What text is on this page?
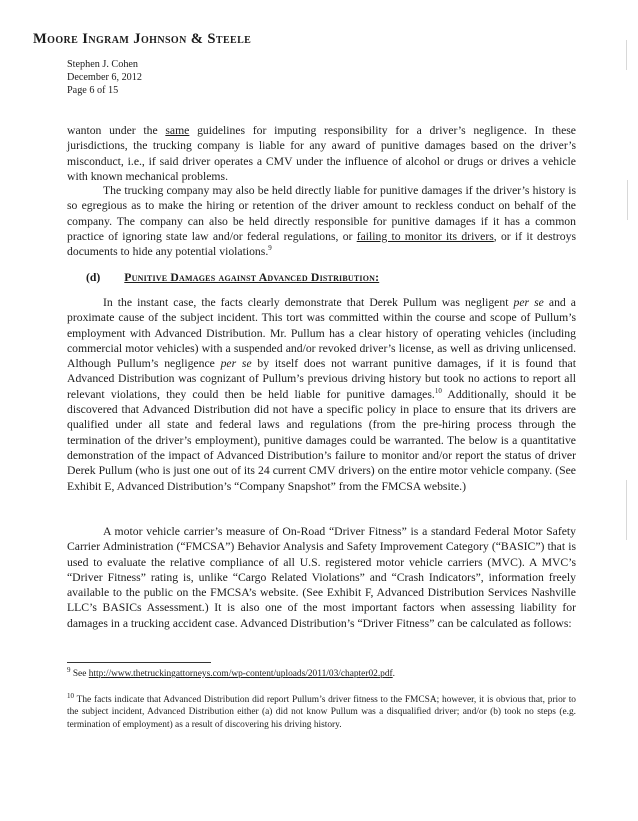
Moore Ingram Johnson & Steele
Stephen J. Cohen
December 6, 2012
Page 6 of 15

wanton under the same guidelines for imputing responsibility for a driver’s negligence. In these jurisdictions, the trucking company is liable for any award of punitive damages based on the driver’s misconduct, i.e., if said driver operates a CMV under the influence of alcohol or drugs or drives a vehicle with known mechanical problems.

The trucking company may also be held directly liable for punitive damages if the driver’s history is so egregious as to make the hiring or retention of the driver amount to reckless conduct on behalf of the company. The company can also be held directly responsible for punitive damages if it has a common practice of ignoring state law and/or federal regulations, or failing to monitor its drivers, or if it destroys documents to hide any potential violations.$^9$

(d) Punitive Damages against Advanced Distribution:

In the instant case, the facts clearly demonstrate that Derek Pullum was negligent per se and a proximate cause of the subject incident. This tort was committed within the course and scope of Pullum’s employment with Advanced Distribution. Mr. Pullum has a clear history of operating vehicles (including commercial motor vehicles) with a suspended and/or revoked driver’s license, as well as driving unlicensed. Although Pullum’s negligence per se by itself does not warrant punitive damages, if it is found that Advanced Distribution was cognizant of Pullum’s previous driving history but took no actions to report all relevant violations, they could then be held liable for punitive damages.$^{10}$ Additionally, should it be discovered that Advanced Distribution did not have a specific policy in place to ensure that its drivers are qualified under all state and federal laws and regulations (from the pre-hiring process through the termination of the driver’s employment), punitive damages could be warranted. The below is a quantitative demonstration of the impact of Advanced Distribution’s failure to monitor and/or report the status of driver Derek Pullum (who is just one out of its 24 current CMV drivers) on the entire motor vehicle company. (See Exhibit E, Advanced Distribution’s “Company Snapshot” from the FMCSA website.)

A motor vehicle carrier’s measure of On-Road “Driver Fitness” is a standard Federal Motor Safety Carrier Administration (“FMCSA”) Behavior Analysis and Safety Improvement Category (“BASIC”) that is used to evaluate the relative compliance of all U.S. registered motor vehicle carriers (MVC). A MVC’s “Driver Fitness” rating is, unlike “Cargo Related Violations” and “Crash Indicators”, information freely available to the public on the FMCSA’s website. (See Exhibit F, Advanced Distribution Services Nashville LLC’s BASICs Assessment.) It is also one of the most important factors when assessing liability for damages in a trucking accident case. Advanced Distribution’s “Driver Fitness” can be calculated as follows:

$^9$ See http://www.thetruckingattorneys.com/wp-content/uploads/2011/03/chapter02.pdf.

$^{10}$ The facts indicate that Advanced Distribution did report Pullum’s driver fitness to the FMCSA; however, it is obvious that, prior to the subject incident, Advanced Distribution either (a) did not know Pullum was a disqualified driver; and/or (b) took no steps (e.g. termination of employment) as a result of discovering his driving history.
